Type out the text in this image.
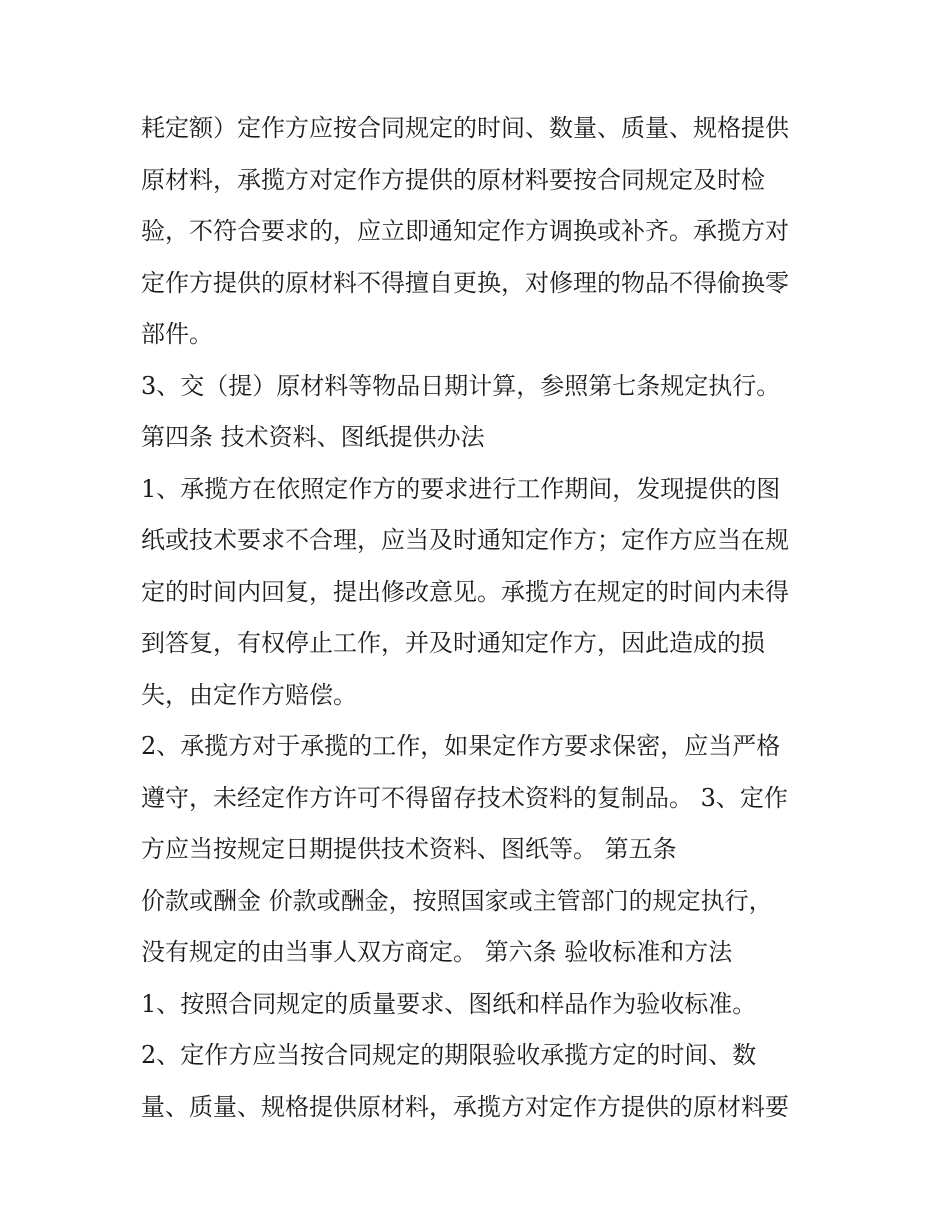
耗定额）定作方应按合同规定的时间、数量、质量、规格提供
原材料，承揽方对定作方提供的原材料要按合同规定及时检
验，不符合要求的，应立即通知定作方调换或补齐。承揽方对
定作方提供的原材料不得擅自更换，对修理的物品不得偷换零
部件。
3、交（提）原材料等物品日期计算，参照第七条规定执行。
第四条 技术资料、图纸提供办法
1、承揽方在依照定作方的要求进行工作期间，发现提供的图
纸或技术要求不合理，应当及时通知定作方；定作方应当在规
定的时间内回复，提出修改意见。承揽方在规定的时间内未得
到答复，有权停止工作，并及时通知定作方，因此造成的损
失，由定作方赔偿。
2、承揽方对于承揽的工作，如果定作方要求保密，应当严格
遵守，未经定作方许可不得留存技术资料的复制品。 3、定作
方应当按规定日期提供技术资料、图纸等。 第五条
价款或酬金 价款或酬金，按照国家或主管部门的规定执行，
没有规定的由当事人双方商定。 第六条 验收标准和方法
1、按照合同规定的质量要求、图纸和样品作为验收标准。
2、定作方应当按合同规定的期限验收承揽方定的时间、数
量、质量、规格提供原材料，承揽方对定作方提供的原材料要
